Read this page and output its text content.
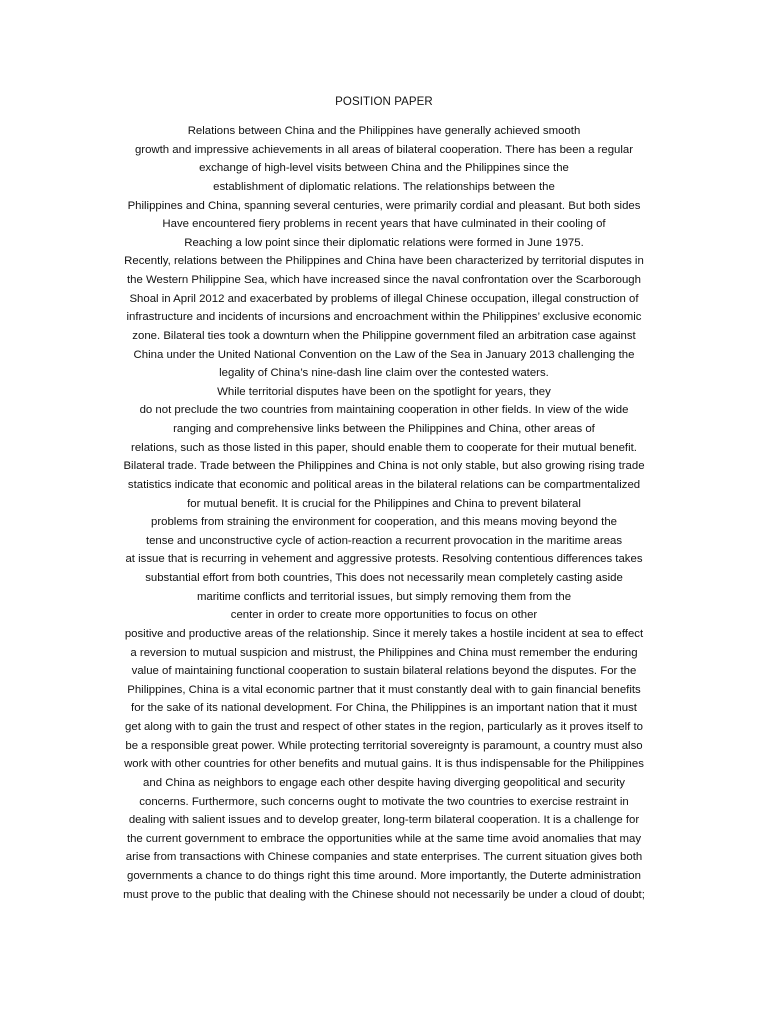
POSITION PAPER
Relations between China and the Philippines have generally achieved smooth
growth and impressive achievements in all areas of bilateral cooperation. There has been a regular
exchange of high-level visits between China and the Philippines since the
establishment of diplomatic relations. The relationships between the
Philippines and China, spanning several centuries, were primarily cordial and pleasant. But both sides
Have encountered fiery problems in recent years that have culminated in their cooling of
Reaching a low point since their diplomatic relations were formed in June 1975.
Recently, relations between the Philippines and China have been characterized by territorial disputes in
the Western Philippine Sea, which have increased since the naval confrontation over the Scarborough
Shoal in April 2012 and exacerbated by problems of illegal Chinese occupation, illegal construction of
infrastructure and incidents of incursions and encroachment within the Philippines’ exclusive economic
zone. Bilateral ties took a downturn when the Philippine government filed an arbitration case against
China under the United National Convention on the Law of the Sea in January 2013 challenging the
legality of China’s nine-dash line claim over the contested waters.
While territorial disputes have been on the spotlight for years, they
do not preclude the two countries from maintaining cooperation in other fields. In view of the wide
ranging and comprehensive links between the Philippines and China, other areas of
relations, such as those listed in this paper, should enable them to cooperate for their mutual benefit.
Bilateral trade. Trade between the Philippines and China is not only stable, but also growing rising trade
statistics indicate that economic and political areas in the bilateral relations can be compartmentalized
for mutual benefit. It is crucial for the Philippines and China to prevent bilateral
problems from straining the environment for cooperation, and this means moving beyond the
tense and unconstructive cycle of action-reaction a recurrent provocation in the maritime areas
at issue that is recurring in vehement and aggressive protests. Resolving contentious differences takes
substantial effort from both countries, This does not necessarily mean completely casting aside
maritime conflicts and territorial issues, but simply removing them from the
center in order to create more opportunities to focus on other
positive and productive areas of the relationship. Since it merely takes a hostile incident at sea to effect
a reversion to mutual suspicion and mistrust, the Philippines and China must remember the enduring
value of maintaining functional cooperation to sustain bilateral relations beyond the disputes. For the
Philippines, China is a vital economic partner that it must constantly deal with to gain financial benefits
for the sake of its national development. For China, the Philippines is an important nation that it must
get along with to gain the trust and respect of other states in the region, particularly as it proves itself to
be a responsible great power. While protecting territorial sovereignty is paramount, a country must also
work with other countries for other benefits and mutual gains. It is thus indispensable for the Philippines
and China as neighbors to engage each other despite having diverging geopolitical and security
concerns. Furthermore, such concerns ought to motivate the two countries to exercise restraint in
dealing with salient issues and to develop greater, long-term bilateral cooperation. It is a challenge for
the current government to embrace the opportunities while at the same time avoid anomalies that may
arise from transactions with Chinese companies and state enterprises. The current situation gives both
governments a chance to do things right this time around. More importantly, the Duterte administration
must prove to the public that dealing with the Chinese should not necessarily be under a cloud of doubt;
